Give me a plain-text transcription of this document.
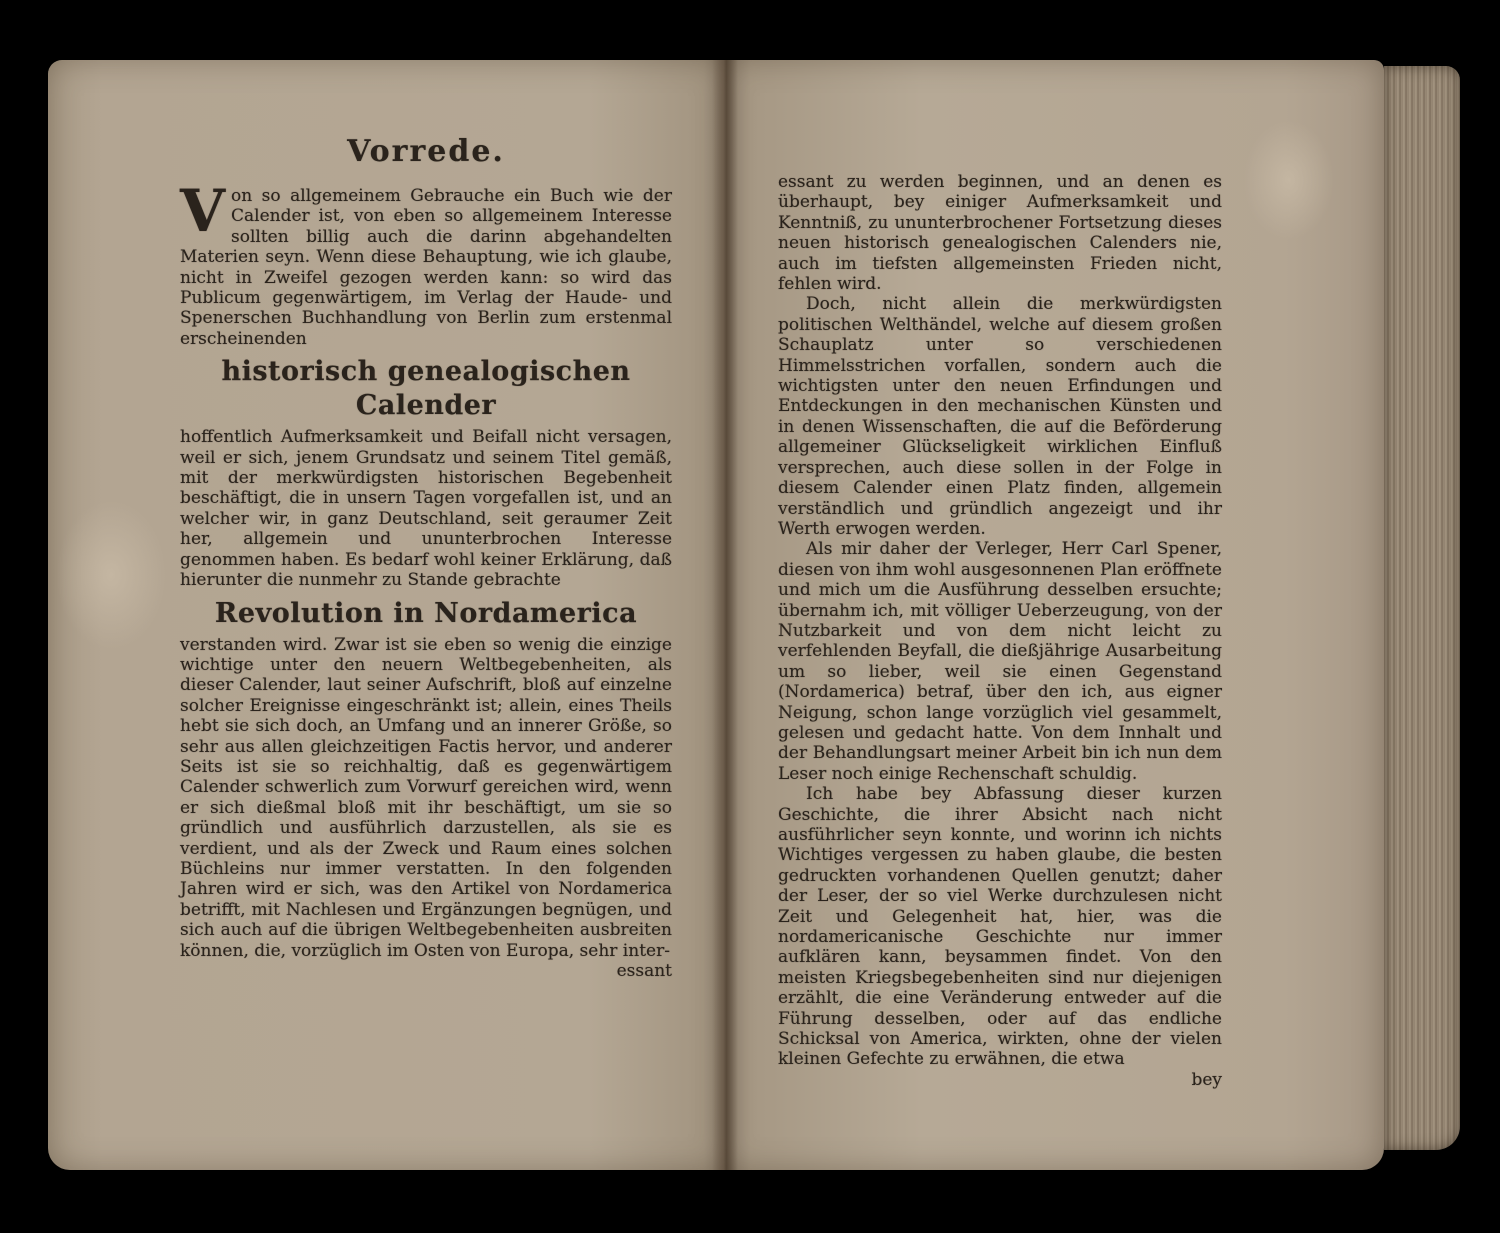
Vorrede.

Von so allgemeinem Gebrauche ein Buch wie der Calender ist, von eben so allgemeinem Interesse sollten billig auch die darinn abgehandelten Materien seyn. Wenn diese Behauptung, wie ich glaube, nicht in Zweifel gezogen werden kann: so wird das Publicum gegenwärtigem, im Verlag der Haude- und Spenerschen Buchhandlung von Berlin zum erstenmal erscheinenden

historisch genealogischen Calender

hoffentlich Aufmerksamkeit und Beifall nicht versagen, weil er sich, jenem Grundsatz und seinem Titel gemäß, mit der merkwürdigsten historischen Begebenheit beschäftigt, die in unsern Tagen vorgefallen ist, und an welcher wir, in ganz Deutschland, seit geraumer Zeit her, allgemein und ununterbrochen Interesse genommen haben. Es bedarf wohl keiner Erklärung, daß hierunter die nunmehr zu Stande gebrachte

Revolution in Nordamerica

verstanden wird. Zwar ist sie eben so wenig die einzige wichtige unter den neuern Weltbegebenheiten, als dieser Calender, laut seiner Aufschrift, bloß auf einzelne solcher Ereignisse eingeschränkt ist; allein, eines Theils hebt sie sich doch, an Umfang und an innerer Größe, so sehr aus allen gleichzeitigen Factis hervor, und anderer Seits ist sie so reichhaltig, daß es gegenwärtigem Calender schwerlich zum Vorwurf gereichen wird, wenn er sich dießmal bloß mit ihr beschäftigt, um sie so gründlich und ausführlich darzustellen, als sie es verdient, und als der Zweck und Raum eines solchen Büchleins nur immer verstatten. In den folgenden Jahren wird er sich, was den Artikel von Nordamerica betrifft, mit Nachlesen und Ergänzungen begnügen, und sich auch auf die übrigen Weltbegebenheiten ausbreiten können, die, vorzüglich im Osten von Europa, sehr inter-

essant

essant zu werden beginnen, und an denen es überhaupt, bey einiger Aufmerksamkeit und Kenntniß, zu ununterbrochener Fortsetzung dieses neuen historisch genealogischen Calenders nie, auch im tiefsten allgemeinsten Frieden nicht, fehlen wird.

Doch, nicht allein die merkwürdigsten politischen Welthändel, welche auf diesem großen Schauplatz unter so verschiedenen Himmelsstrichen vorfallen, sondern auch die wichtigsten unter den neuen Erfindungen und Entdeckungen in den mechanischen Künsten und in denen Wissenschaften, die auf die Beförderung allgemeiner Glückseligkeit wirklichen Einfluß versprechen, auch diese sollen in der Folge in diesem Calender einen Platz finden, allgemein verständlich und gründlich angezeigt und ihr Werth erwogen werden.

Als mir daher der Verleger, Herr Carl Spener, diesen von ihm wohl ausgesonnenen Plan eröffnete und mich um die Ausführung desselben ersuchte; übernahm ich, mit völliger Ueberzeugung, von der Nutzbarkeit und von dem nicht leicht zu verfehlenden Beyfall, die dießjährige Ausarbeitung um so lieber, weil sie einen Gegenstand (Nordamerica) betraf, über den ich, aus eigner Neigung, schon lange vorzüglich viel gesammelt, gelesen und gedacht hatte. Von dem Innhalt und der Behandlungsart meiner Arbeit bin ich nun dem Leser noch einige Rechenschaft schuldig.

Ich habe bey Abfassung dieser kurzen Geschichte, die ihrer Absicht nach nicht ausführlicher seyn konnte, und worinn ich nichts Wichtiges vergessen zu haben glaube, die besten gedruckten vorhandenen Quellen genutzt; daher der Leser, der so viel Werke durchzulesen nicht Zeit und Gelegenheit hat, hier, was die nordamericanische Geschichte nur immer aufklären kann, beysammen findet. Von den meisten Kriegsbegebenheiten sind nur diejenigen erzählt, die eine Veränderung entweder auf die Führung desselben, oder auf das endliche Schicksal von America, wirkten, ohne der vielen kleinen Gefechte zu erwähnen, die etwa

bey
